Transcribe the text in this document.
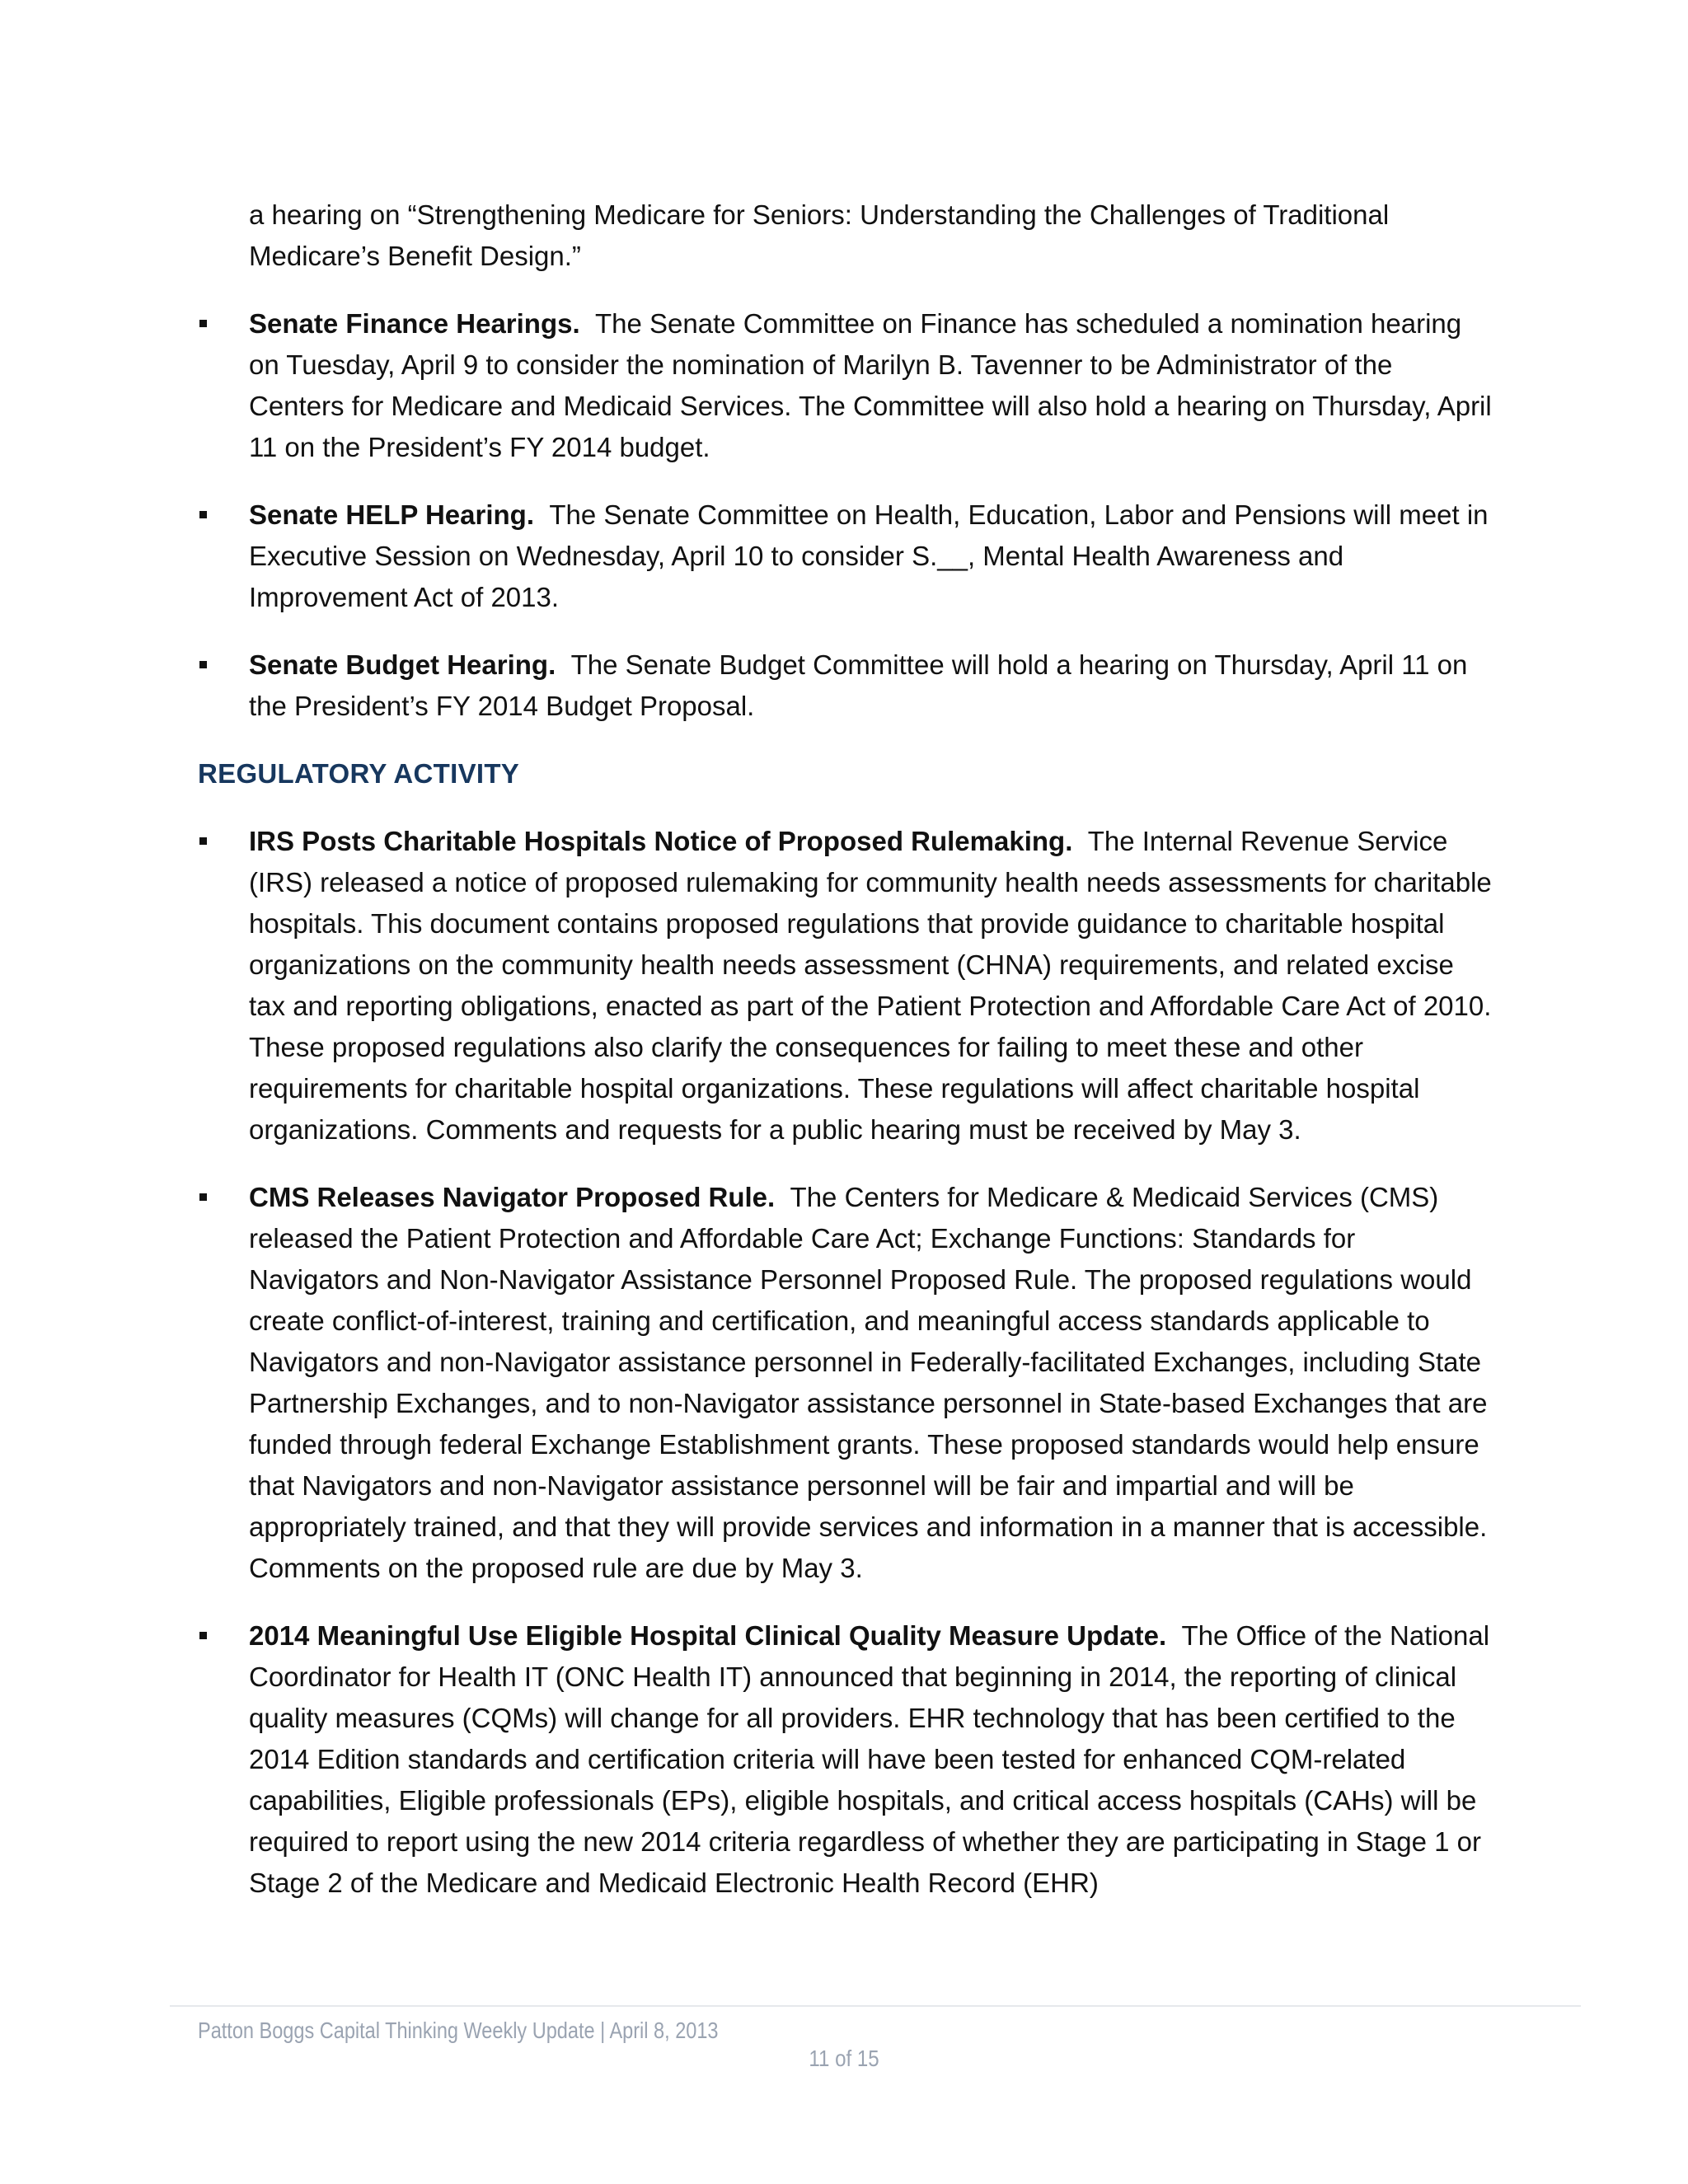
a hearing on “Strengthening Medicare for Seniors: Understanding the Challenges of Traditional Medicare’s Benefit Design.”

Senate Finance Hearings. The Senate Committee on Finance has scheduled a nomination hearing on Tuesday, April 9 to consider the nomination of Marilyn B. Tavenner to be Administrator of the Centers for Medicare and Medicaid Services. The Committee will also hold a hearing on Thursday, April 11 on the President’s FY 2014 budget.

Senate HELP Hearing. The Senate Committee on Health, Education, Labor and Pensions will meet in Executive Session on Wednesday, April 10 to consider S.__, Mental Health Awareness and Improvement Act of 2013.

Senate Budget Hearing. The Senate Budget Committee will hold a hearing on Thursday, April 11 on the President’s FY 2014 Budget Proposal.

REGULATORY ACTIVITY

IRS Posts Charitable Hospitals Notice of Proposed Rulemaking. The Internal Revenue Service (IRS) released a notice of proposed rulemaking for community health needs assessments for charitable hospitals. This document contains proposed regulations that provide guidance to charitable hospital organizations on the community health needs assessment (CHNA) requirements, and related excise tax and reporting obligations, enacted as part of the Patient Protection and Affordable Care Act of 2010. These proposed regulations also clarify the consequences for failing to meet these and other requirements for charitable hospital organizations. These regulations will affect charitable hospital organizations. Comments and requests for a public hearing must be received by May 3.

CMS Releases Navigator Proposed Rule. The Centers for Medicare & Medicaid Services (CMS) released the Patient Protection and Affordable Care Act; Exchange Functions: Standards for Navigators and Non-Navigator Assistance Personnel Proposed Rule. The proposed regulations would create conflict-of-interest, training and certification, and meaningful access standards applicable to Navigators and non-Navigator assistance personnel in Federally-facilitated Exchanges, including State Partnership Exchanges, and to non-Navigator assistance personnel in State-based Exchanges that are funded through federal Exchange Establishment grants. These proposed standards would help ensure that Navigators and non-Navigator assistance personnel will be fair and impartial and will be appropriately trained, and that they will provide services and information in a manner that is accessible. Comments on the proposed rule are due by May 3.

2014 Meaningful Use Eligible Hospital Clinical Quality Measure Update. The Office of the National Coordinator for Health IT (ONC Health IT) announced that beginning in 2014, the reporting of clinical quality measures (CQMs) will change for all providers. EHR technology that has been certified to the 2014 Edition standards and certification criteria will have been tested for enhanced CQM-related capabilities, Eligible professionals (EPs), eligible hospitals, and critical access hospitals (CAHs) will be required to report using the new 2014 criteria regardless of whether they are participating in Stage 1 or Stage 2 of the Medicare and Medicaid Electronic Health Record (EHR)

Patton Boggs Capital Thinking Weekly Update | April 8, 2013
11 of 15
